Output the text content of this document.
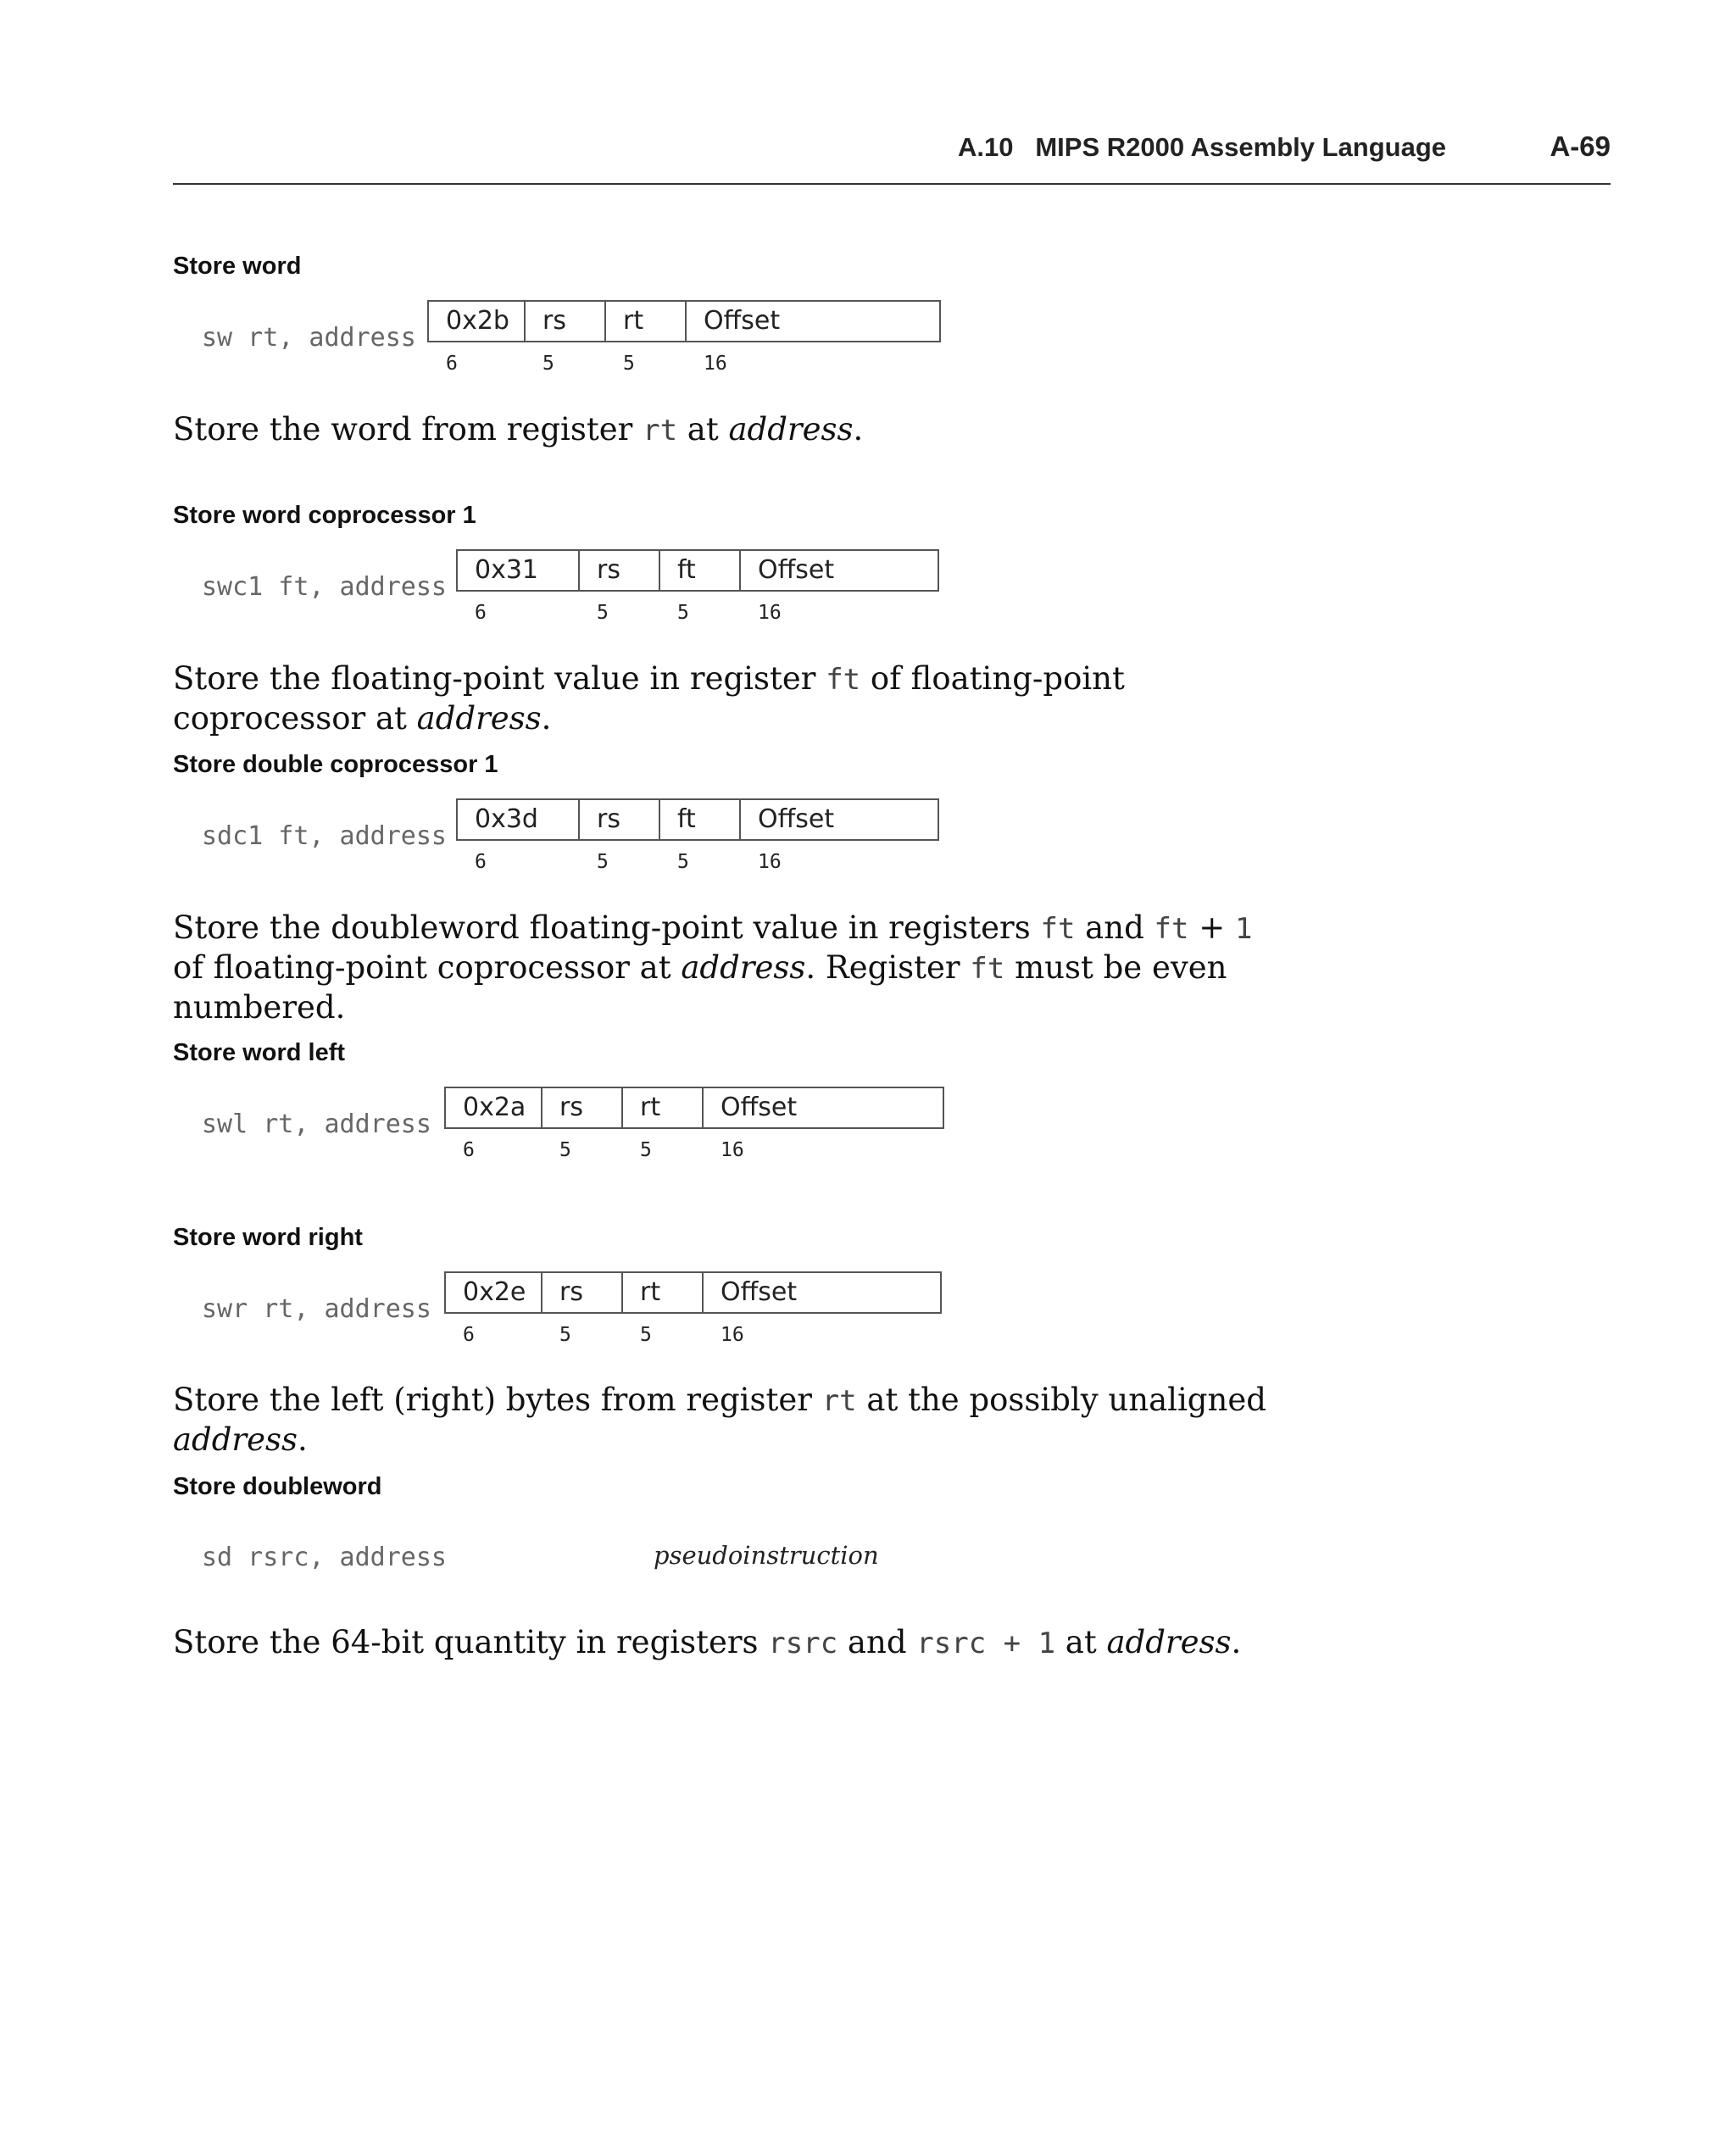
A.10 MIPS R2000 Assembly Language	A-69
Store word
sw rt, address
0x2b
6
rs
5
rt
5
Offset
16
Store the word from register rt at address.
Store word coprocessor 1
swc1 ft, address
0x31
6
rs
5
ft
5
Offset
16
Store the floating-point value in register ft of floating-point coprocessor at address.
Store double coprocessor 1
sdc1 ft, address
0x3d
6
rs
5
ft
5
Offset
16
Store the doubleword floating-point value in registers ft and ft + 1 of floating-point coprocessor at address. Register ft must be even numbered.
Store word left
swl rt, address
0x2a
6
rs
5
rt
5
Offset
16
Store word right
swr rt, address
0x2e
6
rs
5
rt
5
Offset
16
Store the left (right) bytes from register rt at the possibly unaligned address.
Store doubleword
sd rsrc, address	pseudoinstruction
Store the 64-bit quantity in registers rsrc and rsrc + 1 at address.
